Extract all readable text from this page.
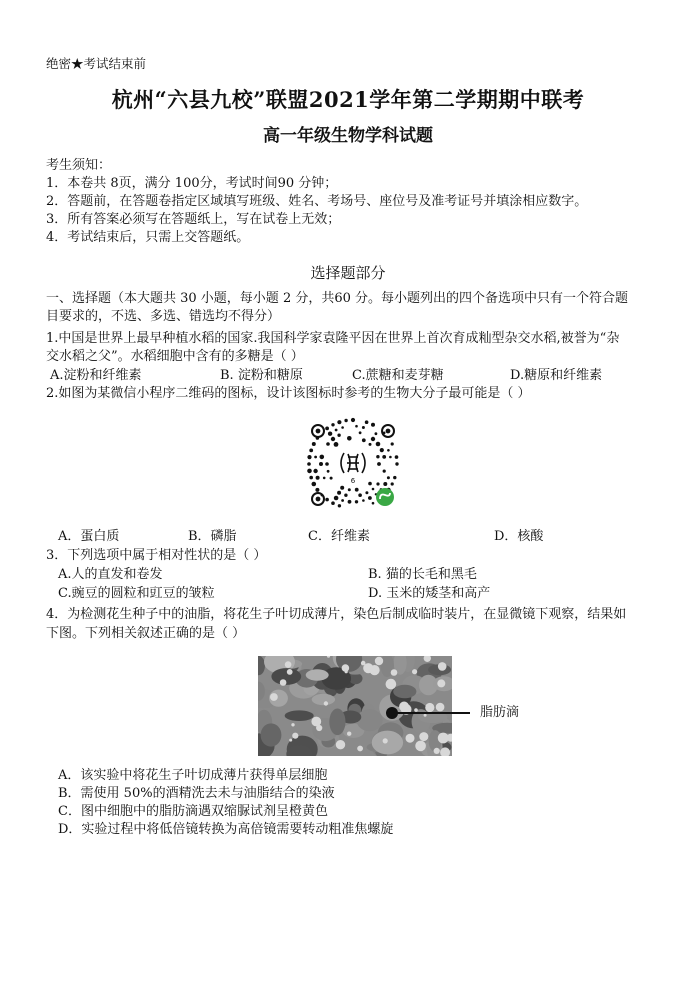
绝密★考试结束前
杭州“六县九校”联盟2021学年第二学期期中联考
高一年级生物学科试题
考生须知：
1．本卷共 8页，满分 100分，考试时间90 分钟；
2．答题前，在答题卷指定区域填写班级、姓名、考场号、座位号及准考证号并填涂相应数字。
3．所有答案必须写在答题纸上，写在试卷上无效；
4．考试结束后，只需上交答题纸。
选择题部分
一、选择题（本大题共 30 小题，每小题 2 分，共60 分。每小题列出的四个备选项中只有一个符合题
目要求的，不选、多选、错选均不得分）
1.中国是世界上最早种植水稻的国家.我国科学家袁隆平因在世界上首次育成籼型杂交水稻,被誉为“杂
交水稻之父”。水稻细胞中含有的多糖是（ ）
A.淀粉和纤维素	B. 淀粉和糖原	C.蔗糖和麦芽糖	D.糖原和纤维素
2.如图为某微信小程序二维码的图标，设计该图标时参考的生物大分子最可能是（ ）
6
A．蛋白质	B．磷脂	C．纤维素	D．核酸
3．下列选项中属于相对性状的是（ ）
A.人的直发和卷发	B. 猫的长毛和黑毛
C.豌豆的圆粒和豇豆的皱粒	D. 玉米的矮茎和高产
4．为检测花生种子中的油脂，将花生子叶切成薄片，染色后制成临时装片，在显微镜下观察，结果如
下图。下列相关叙述正确的是（ ）
脂肪滴
A．该实验中将花生子叶切成薄片获得单层细胞
B．需使用 50%的酒精洗去未与油脂结合的染液
C．图中细胞中的脂肪滴遇双缩脲试剂呈橙黄色
D．实验过程中将低倍镜转换为高倍镜需要转动粗准焦螺旋
